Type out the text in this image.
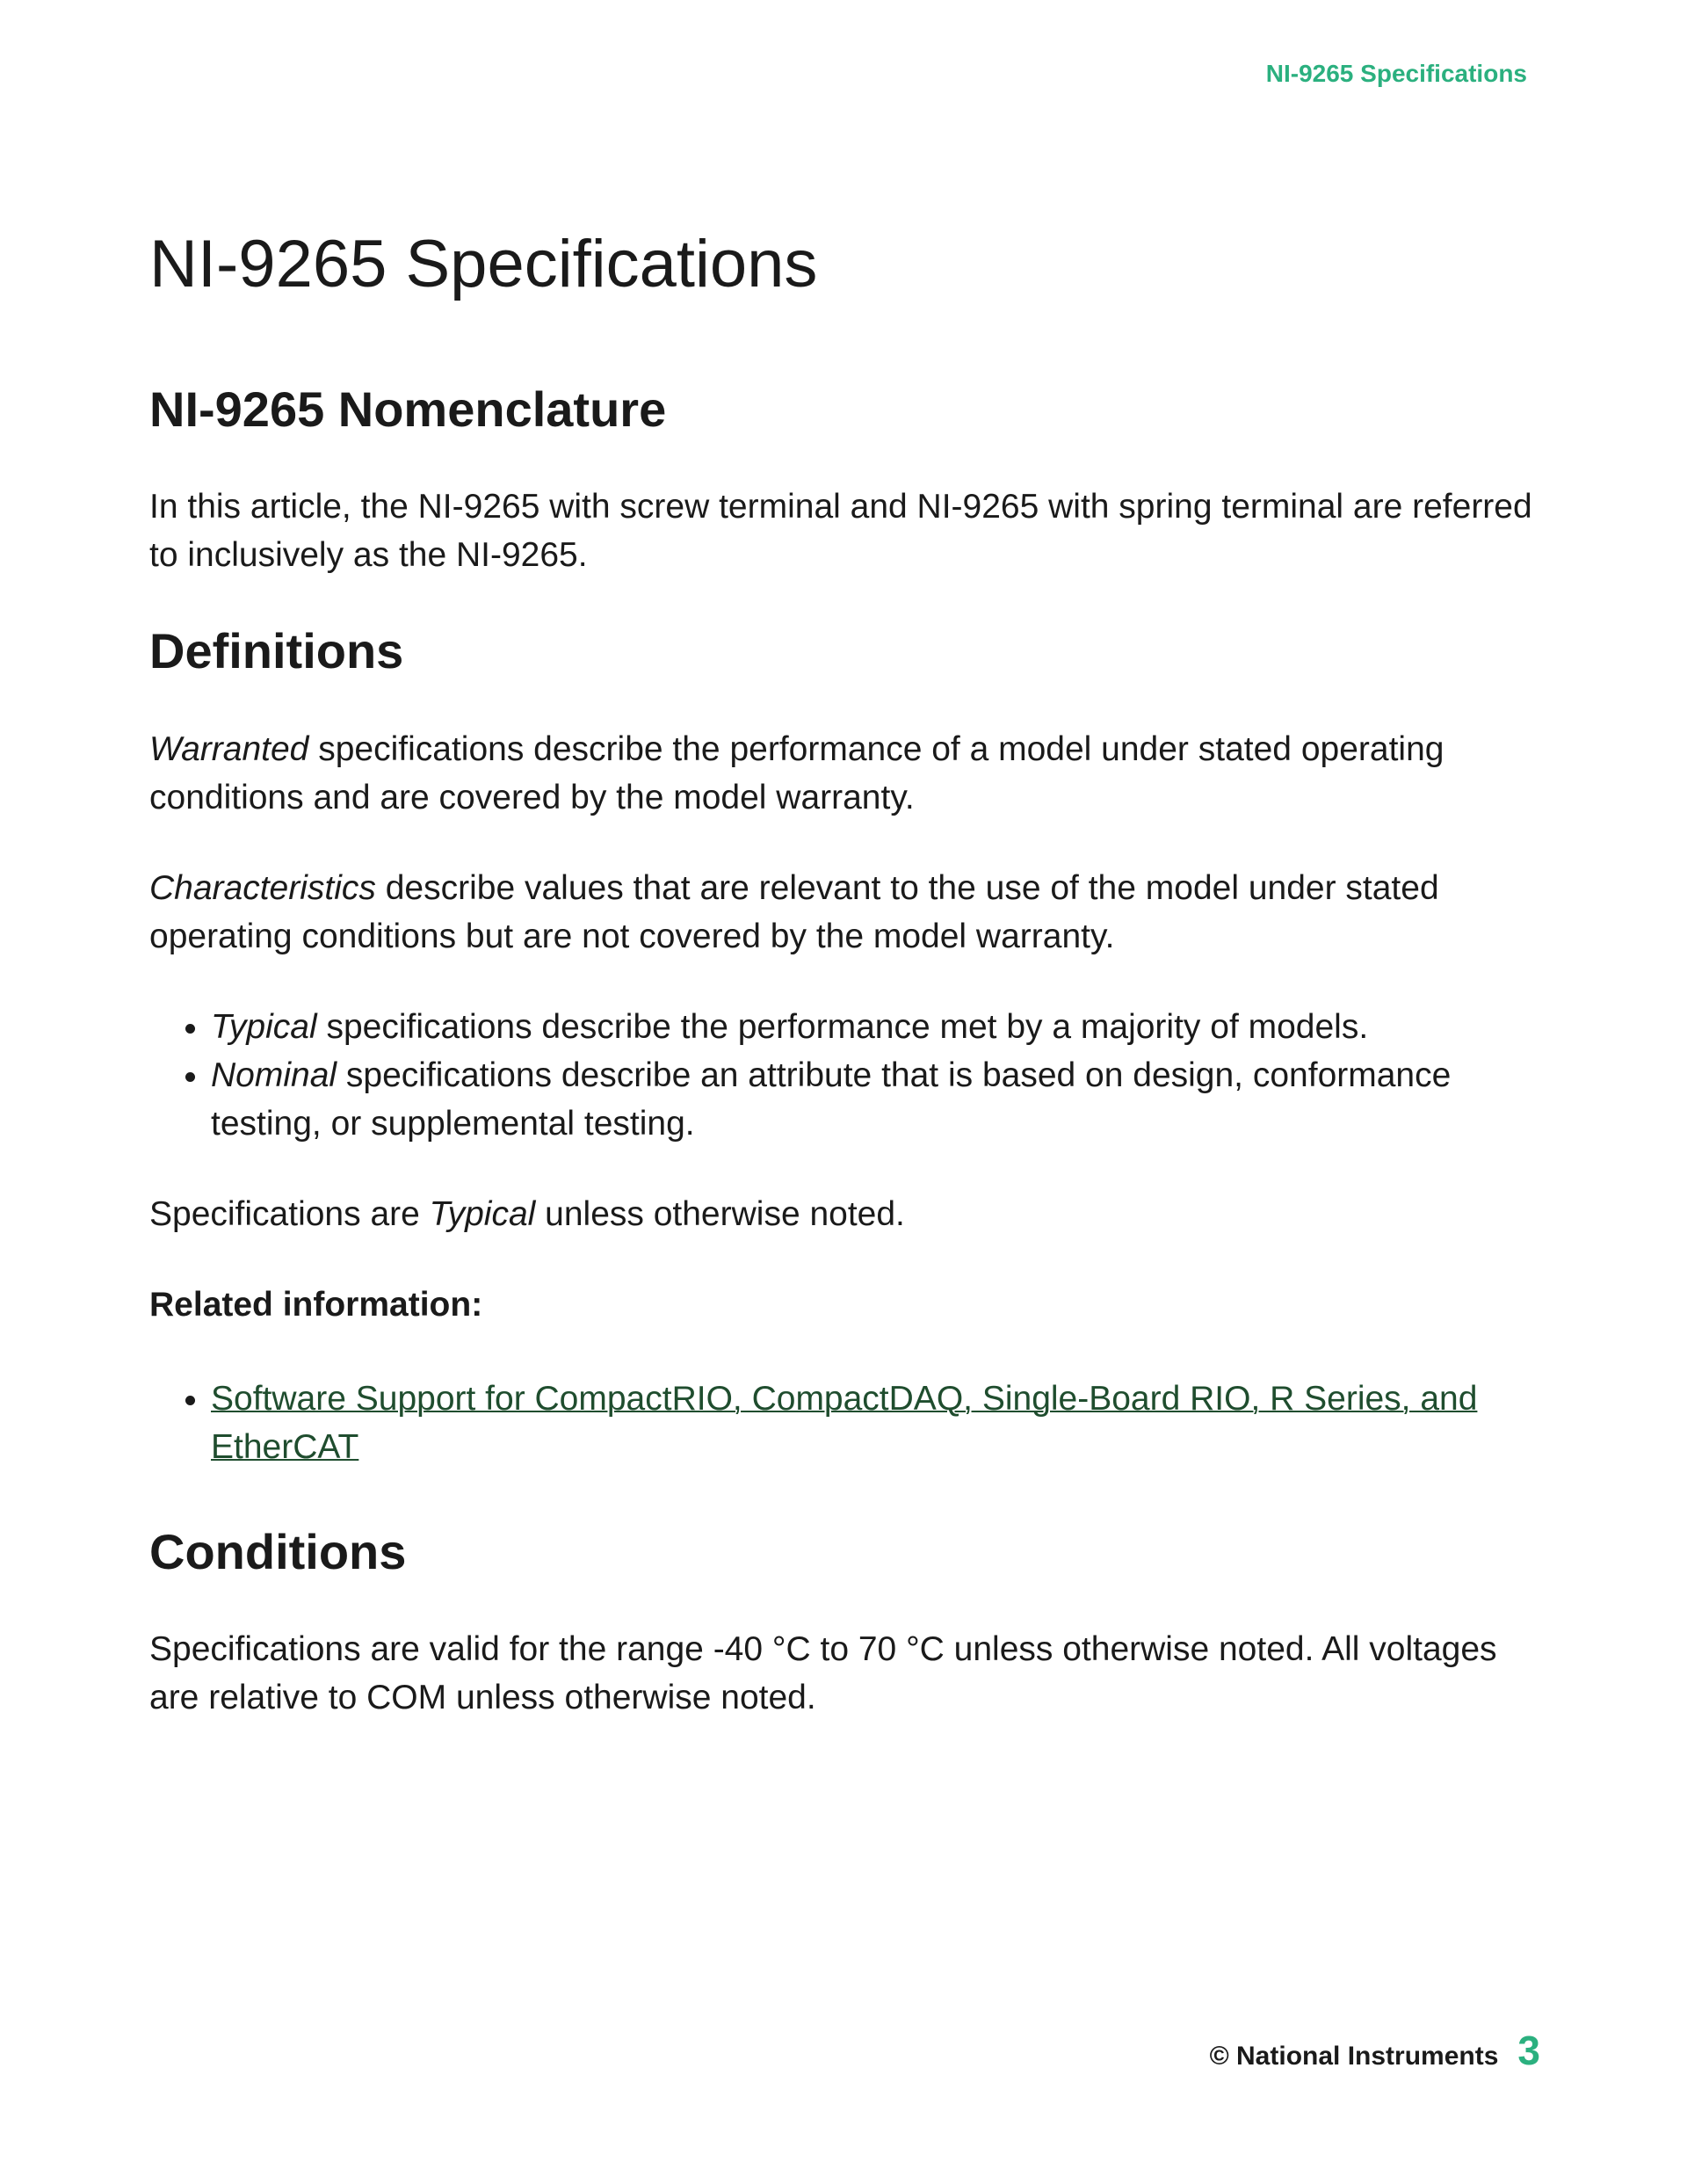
NI-9265 Specifications
NI-9265 Specifications
NI-9265 Nomenclature

In this article, the NI-9265 with screw terminal and NI-9265 with spring terminal are referred to inclusively as the NI-9265.

Definitions

Warranted specifications describe the performance of a model under stated operating conditions and are covered by the model warranty.

Characteristics describe values that are relevant to the use of the model under stated operating conditions but are not covered by the model warranty.

• Typical specifications describe the performance met by a majority of models.
• Nominal specifications describe an attribute that is based on design, conformance testing, or supplemental testing.

Specifications are Typical unless otherwise noted.

Related information:

• Software Support for CompactRIO, CompactDAQ, Single-Board RIO, R Series, and EtherCAT
Conditions

Specifications are valid for the range -40 °C to 70 °C unless otherwise noted. All voltages are relative to COM unless otherwise noted.

© National Instruments 3
